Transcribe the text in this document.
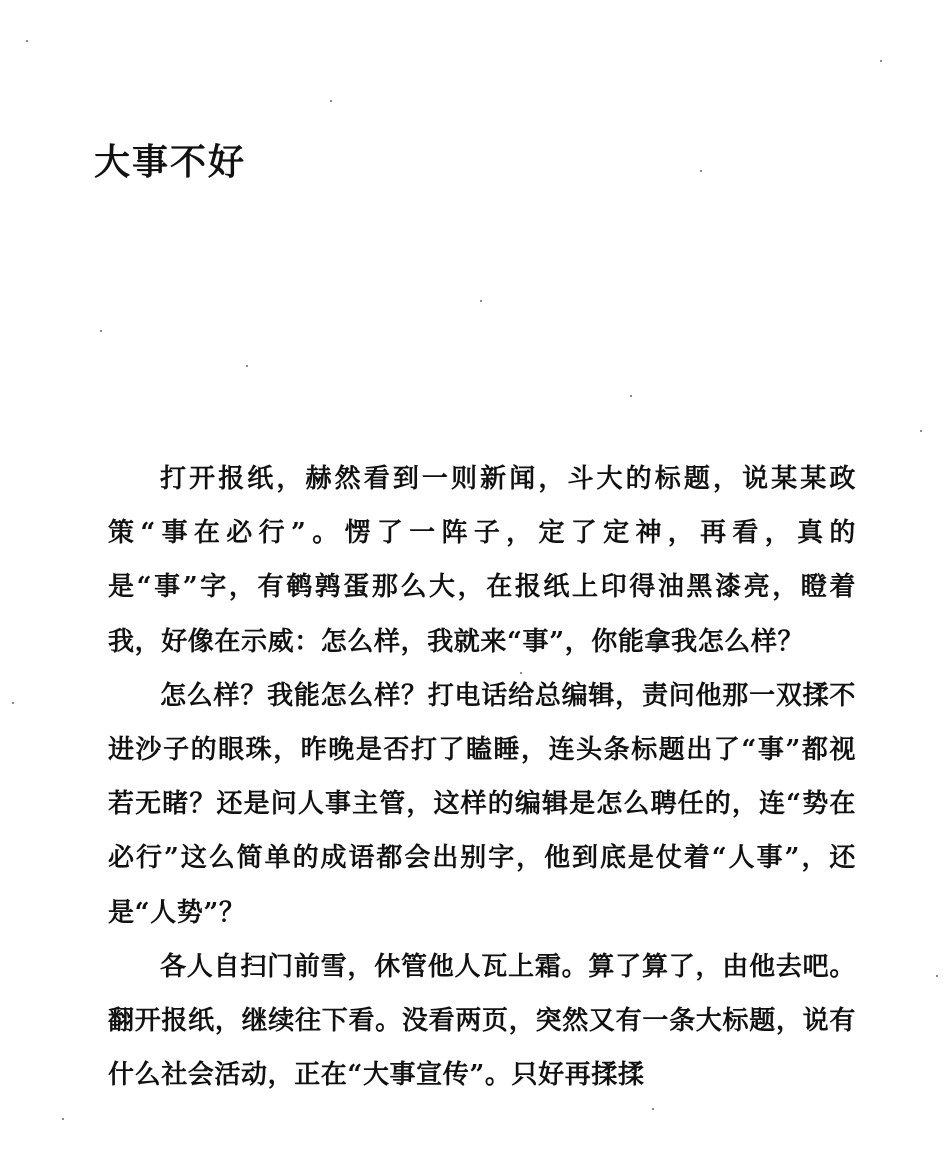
大事不好

打开报纸，赫然看到一则新闻，斗大的标题，说某某政策“事在必行”。愣了一阵子，定了定神，再看，真的是“事”字，有鹌鹑蛋那么大，在报纸上印得油黑漆亮，瞪着我，好像在示威：怎么样，我就来“事”，你能拿我怎么样？

怎么样？我能怎么样？打电话给总编辑，责问他那一双揉不进沙子的眼珠，昨晚是否打了瞌睡，连头条标题出了“事”都视若无睹？还是问人事主管，这样的编辑是怎么聘任的，连“势在必行”这么简单的成语都会出别字，他到底是仗着“人事”，还是“人势”？

各人自扫门前雪，休管他人瓦上霜。算了算了，由他去吧。翻开报纸，继续往下看。没看两页，突然又有一条大标题，说有什么社会活动，正在“大事宣传”。只好再揉揉
